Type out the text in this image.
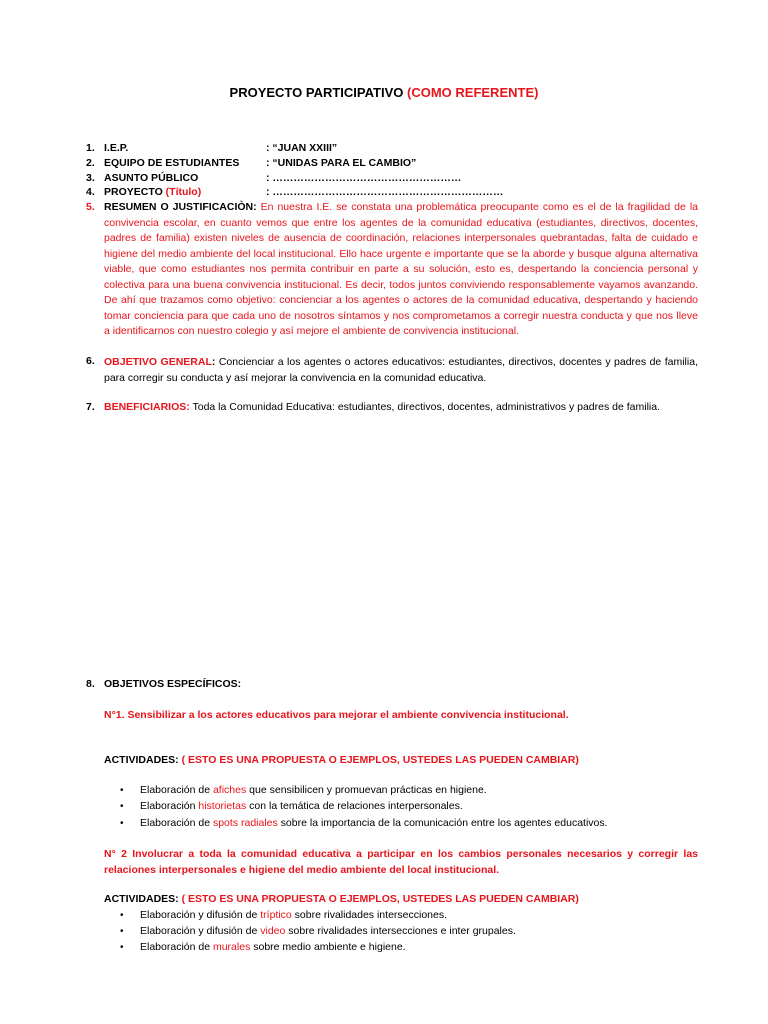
PROYECTO PARTICIPATIVO (COMO REFERENTE)
1. I.E.P.	: “JUAN XXIII”
2. EQUIPO DE ESTUDIANTES	: “UNIDAS PARA EL CAMBIO”
3. ASUNTO PÚBLICO	: ………………………………………………
4. PROYECTO (Título)	: …………………………………………………………
5. RESUMEN O JUSTIFICACIÒN: En nuestra I.E. se constata una problemática preocupante como es el de la fragilidad de la convivencia escolar, en cuanto vemos que entre los agentes de la comunidad educativa (estudiantes, directivos, docentes, padres de familia) existen niveles de ausencia de coordinación, relaciones interpersonales quebrantadas, falta de cuidado e higiene del medio ambiente del local institucional. Ello hace urgente e importante que se la aborde y busque alguna alternativa viable, que como estudiantes nos permita contribuir en parte a su solución, esto es, despertando la conciencia personal y colectiva para una buena convivencia institucional. Es decir, todos juntos conviviendo responsablemente vayamos avanzando. De ahí que trazamos como objetivo: concienciar a los agentes o actores de la comunidad educativa, despertando y haciendo tomar conciencia para que cada uno de nosotros síntamos y nos comprometamos a corregir nuestra conducta y que nos lleve a identificarnos con nuestro colegio y así mejore el ambiente de convivencia institucional.

6. OBJETIVO GENERAL: Concienciar a los agentes o actores educativos: estudiantes, directivos, docentes y padres de familia, para corregir su conducta y así mejorar la convivencia en la comunidad educativa.

7. BENEFICIARIOS: Toda la Comunidad Educativa: estudiantes, directivos, docentes, administrativos y padres de familia.

8. OBJETIVOS ESPECÍFICOS:
N°1. Sensibilizar a los actores educativos para mejorar el ambiente convivencia institucional.
ACTIVIDADES: ( ESTO ES UNA PROPUESTA O EJEMPLOS, USTEDES LAS PUEDEN CAMBIAR)
• Elaboración de afiches que sensibilicen y promuevan prácticas en higiene.
• Elaboración historietas con la temática de relaciones interpersonales.
• Elaboración de spots radiales sobre la importancia de la comunicación entre los agentes educativos.

N° 2 Involucrar a toda la comunidad educativa a participar en los cambios personales necesarios y corregir las relaciones interpersonales e higiene del medio ambiente del local institucional.

ACTIVIDADES: ( ESTO ES UNA PROPUESTA O EJEMPLOS, USTEDES LAS PUEDEN CAMBIAR)
• Elaboración y difusión de tríptico sobre rivalidades intersecciones.
• Elaboración y difusión de video sobre rivalidades intersecciones e inter grupales.
• Elaboración de murales sobre medio ambiente e higiene.
